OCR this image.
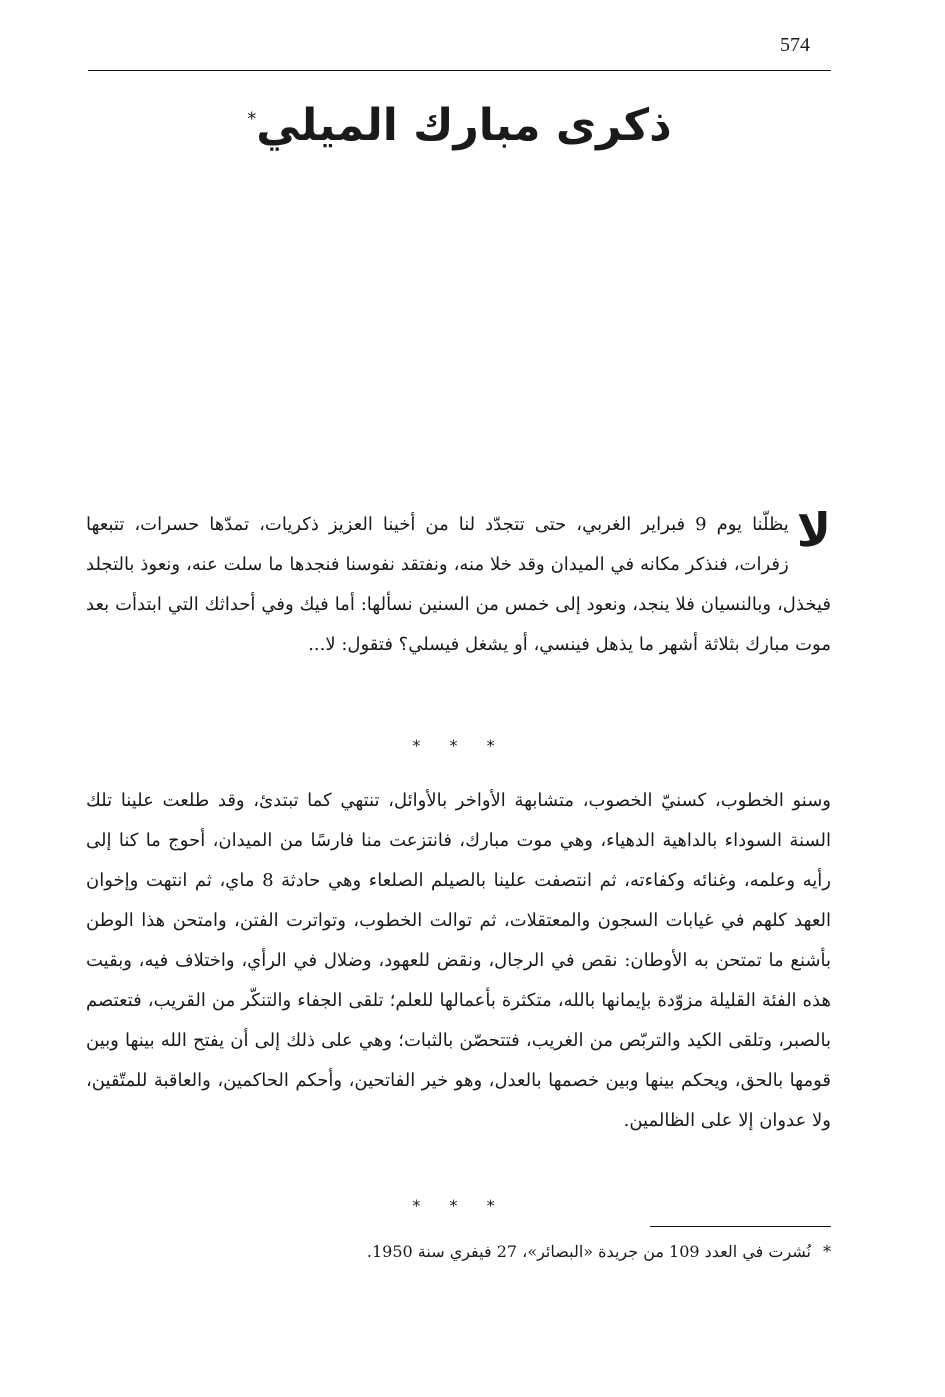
574
ذكرى مبارك الميلي*
لا
يظلّنا يوم 9 فبراير الغربي، حتى تتجدّد لنا من أخينا العزيز ذكريات، تمدّها حسرات، تتبعها زفرات، فنذكر مكانه في الميدان وقد خلا منه، ونفتقد نفوسنا فنجدها ما سلت عنه، ونعوذ بالتجلد فيخذل، وبالنسيان فلا ينجد، ونعود إلى خمس من السنين نسألها: أما فيك وفي أحداثك التي ابتدأت بعد موت مبارك بثلاثة أشهر ما يذهل فينسي، أو يشغل فيسلي؟ فتقول: لا...
* * *
وسنو الخطوب، كسنيّ الخصوب، متشابهة الأواخر بالأوائل، تنتهي كما تبتدئ، وقد طلعت علينا تلك السنة السوداء بالداهية الدهياء، وهي موت مبارك، فانتزعت منا فارسًا من الميدان، أحوج ما كنا إلى رأيه وعلمه، وغنائه وكفاءته، ثم انتصفت علينا بالصيلم الصلعاء وهي حادثة 8 ماي، ثم انتهت وإخوان العهد كلهم في غيابات السجون والمعتقلات، ثم توالت الخطوب، وتواترت الفتن، وامتحن هذا الوطن بأشنع ما تمتحن به الأوطان: نقص في الرجال، ونقض للعهود، وضلال في الرأي، واختلاف فيه، وبقيت هذه الفئة القليلة مزوّدة بإيمانها بالله، متكثرة بأعمالها للعلم؛ تلقى الجفاء والتنكّر من القريب، فتعتصم بالصبر، وتلقى الكيد والتربّص من الغريب، فتتحصّن بالثبات؛ وهي على ذلك إلى أن يفتح الله بينها وبين قومها بالحق، ويحكم بينها وبين خصمها بالعدل، وهو خير الفاتحين، وأحكم الحاكمين، والعاقبة للمتّقين، ولا عدوان إلا على الظالمين.
* * *
*نُشرت في العدد 109 من جريدة «البصائر»، 27 فيفري سنة 1950.
